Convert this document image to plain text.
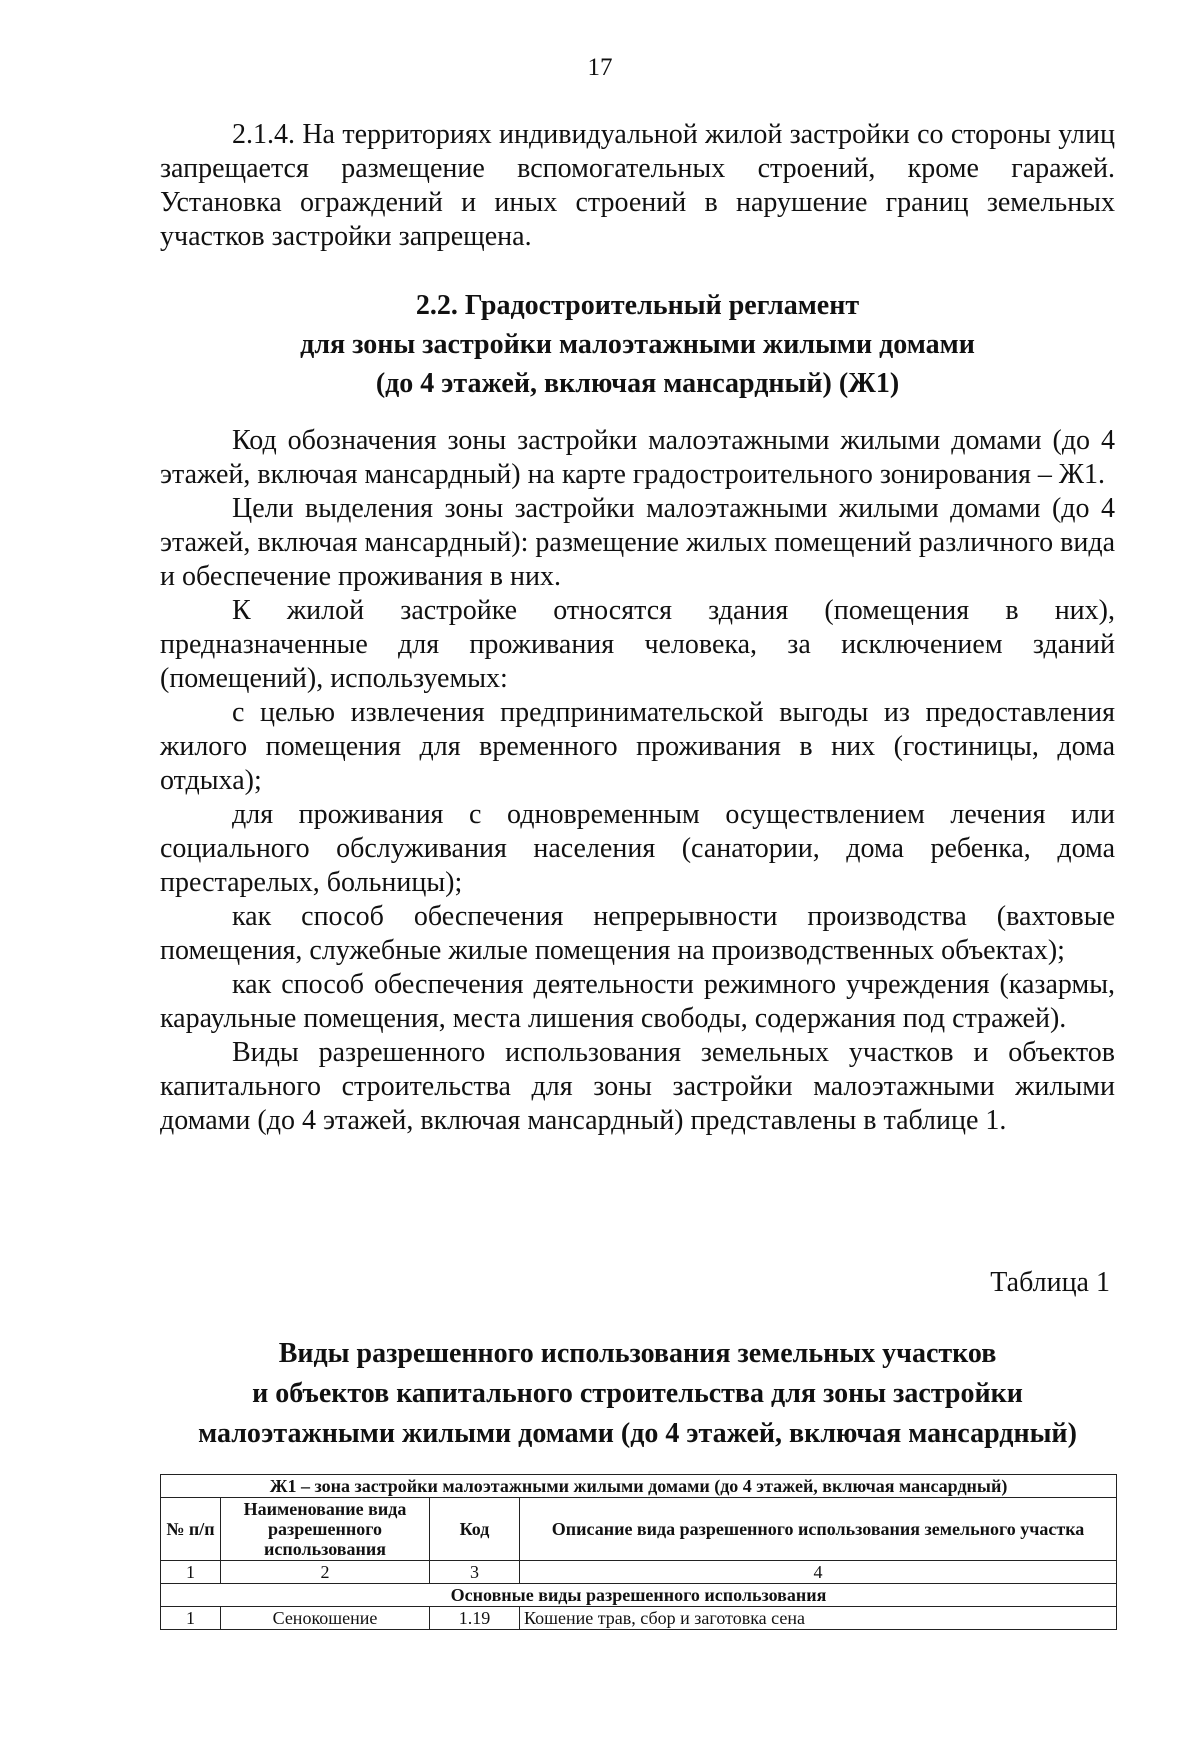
17

2.1.4. На территориях индивидуальной жилой застройки со стороны улиц запрещается размещение вспомогательных строений, кроме гаражей. Установка ограждений и иных строений в нарушение границ земельных участков застройки запрещена.

2.2. Градостроительный регламент
для зоны застройки малоэтажными жилыми домами
(до 4 этажей, включая мансардный) (Ж1)

Код обозначения зоны застройки малоэтажными жилыми домами (до 4 этажей, включая мансардный) на карте градостроительного зонирования – Ж1.

Цели выделения зоны застройки малоэтажными жилыми домами (до 4 этажей, включая мансардный): размещение жилых помещений различного вида и обеспечение проживания в них.

К жилой застройке относятся здания (помещения в них), предназначенные для проживания человека, за исключением зданий (помещений), используемых:

с целью извлечения предпринимательской выгоды из предоставления жилого помещения для временного проживания в них (гостиницы, дома отдыха);

для проживания с одновременным осуществлением лечения или социального обслуживания населения (санатории, дома ребенка, дома престарелых, больницы);

как способ обеспечения непрерывности производства (вахтовые помещения, служебные жилые помещения на производственных объектах);

как способ обеспечения деятельности режимного учреждения (казармы, караульные помещения, места лишения свободы, содержания под стражей).

Виды разрешенного использования земельных участков и объектов капитального строительства для зоны застройки малоэтажными жилыми домами (до 4 этажей, включая мансардный) представлены в таблице 1.

Таблица 1
Виды разрешенного использования земельных участков
и объектов капитального строительства для зоны застройки
малоэтажными жилыми домами (до 4 этажей, включая мансардный)
Ж1 – зона застройки малоэтажными жилыми домами (до 4 этажей, включая мансардный)			
№ п/п	Наименование вида разрешенного использования	Код	Описание вида разрешенного использования земельного участка
1	2	3	4
Основные виды разрешенного использования			
1	Сенокошение	1.19	Кошение трав, сбор и заготовка сена
